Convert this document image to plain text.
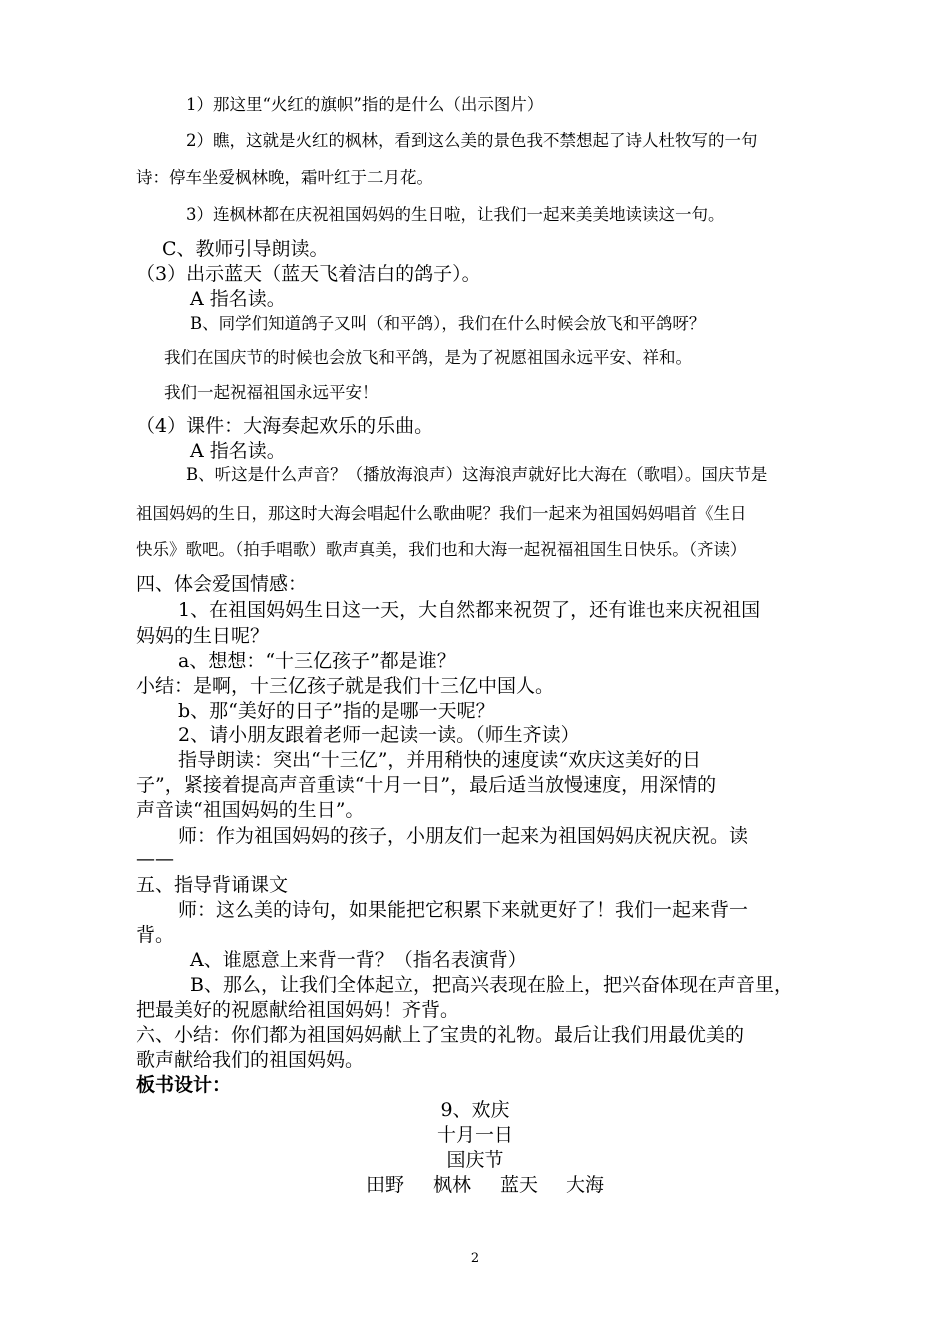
1）那这里“火红的旗帜”指的是什么（出示图片）
2）瞧，这就是火红的枫林，看到这么美的景色我不禁想起了诗人杜牧写的一句
诗：停车坐爱枫林晚，霜叶红于二月花。
3）连枫林都在庆祝祖国妈妈的生日啦，让我们一起来美美地读读这一句。
C、教师引导朗读。
（3）出示蓝天（蓝天飞着洁白的鸽子）。
A 指名读。
B、同学们知道鸽子又叫（和平鸽），我们在什么时候会放飞和平鸽呀？
我们在国庆节的时候也会放飞和平鸽，是为了祝愿祖国永远平安、祥和。
我们一起祝福祖国永远平安！
（4）课件：大海奏起欢乐的乐曲。
A 指名读。
B、听这是什么声音？（播放海浪声）这海浪声就好比大海在（歌唱）。国庆节是
祖国妈妈的生日，那这时大海会唱起什么歌曲呢？我们一起来为祖国妈妈唱首《生日
快乐》歌吧。（拍手唱歌）歌声真美，我们也和大海一起祝福祖国生日快乐。（齐读）
四、体会爱国情感：
1、在祖国妈妈生日这一天，大自然都来祝贺了，还有谁也来庆祝祖国
妈妈的生日呢？
a、想想：“十三亿孩子”都是谁？
小结：是啊，十三亿孩子就是我们十三亿中国人。
b、那“美好的日子”指的是哪一天呢？
2、请小朋友跟着老师一起读一读。（师生齐读）
指导朗读：突出“十三亿”，并用稍快的速度读“欢庆这美好的日
子”，紧接着提高声音重读“十月一日”，最后适当放慢速度，用深情的
声音读“祖国妈妈的生日”。
师：作为祖国妈妈的孩子，小朋友们一起来为祖国妈妈庆祝庆祝。读
——
五、指导背诵课文
师：这么美的诗句，如果能把它积累下来就更好了！我们一起来背一
背。
A、谁愿意上来背一背？（指名表演背）
B、那么，让我们全体起立，把高兴表现在脸上，把兴奋体现在声音里，
把最美好的祝愿献给祖国妈妈！齐背。
六、小结：你们都为祖国妈妈献上了宝贵的礼物。最后让我们用最优美的
歌声献给我们的祖国妈妈。
板书设计：
9、欢庆
十月一日
国庆节
田野 枫林 蓝天 大海
2
